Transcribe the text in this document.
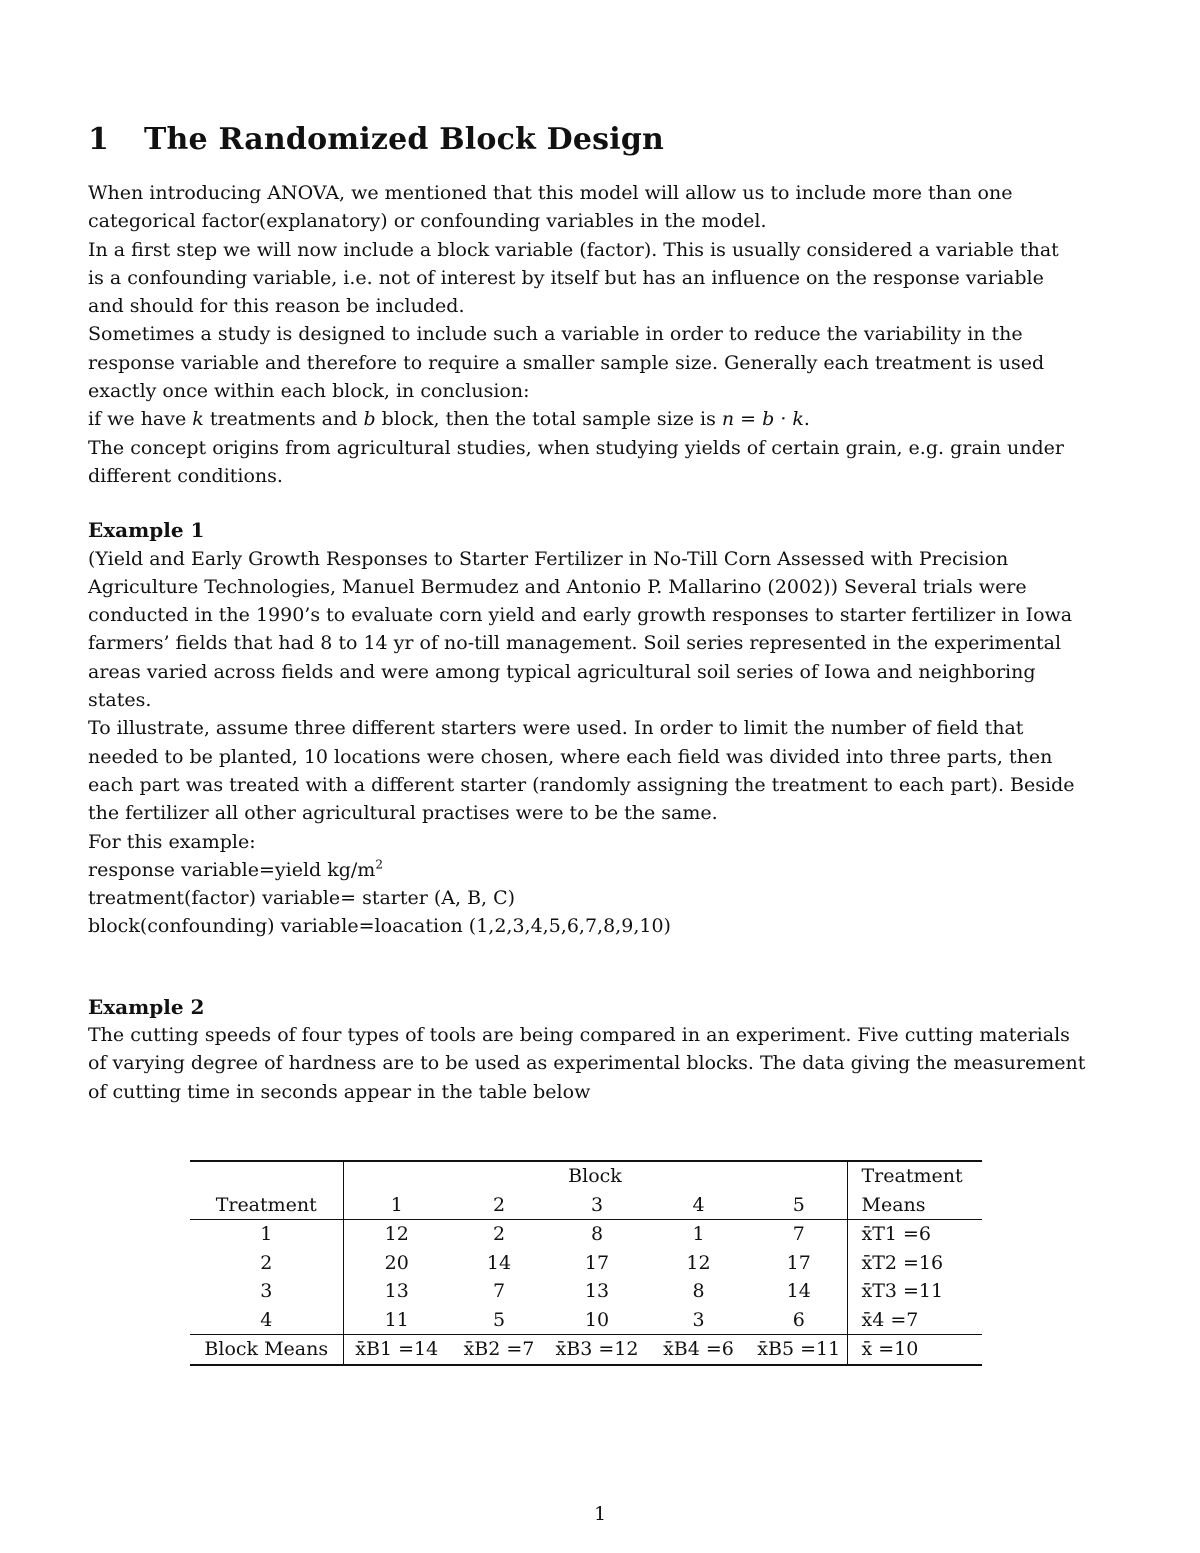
1 The Randomized Block Design

When introducing ANOVA, we mentioned that this model will allow us to include more than one
categorical factor(explanatory) or confounding variables in the model.
In a first step we will now include a block variable (factor). This is usually considered a variable that
is a confounding variable, i.e. not of interest by itself but has an influence on the response variable
and should for this reason be included.
Sometimes a study is designed to include such a variable in order to reduce the variability in the
response variable and therefore to require a smaller sample size. Generally each treatment is used
exactly once within each block, in conclusion:
if we have k treatments and b block, then the total sample size is n = b · k.
The concept origins from agricultural studies, when studying yields of certain grain, e.g. grain under
different conditions.

Example 1

(Yield and Early Growth Responses to Starter Fertilizer in No-Till Corn Assessed with Precision
Agriculture Technologies, Manuel Bermudez and Antonio P. Mallarino (2002)) Several trials were
conducted in the 1990’s to evaluate corn yield and early growth responses to starter fertilizer in Iowa
farmers’ fields that had 8 to 14 yr of no-till management. Soil series represented in the experimental
areas varied across fields and were among typical agricultural soil series of Iowa and neighboring
states.
To illustrate, assume three different starters were used. In order to limit the number of field that
needed to be planted, 10 locations were chosen, where each field was divided into three parts, then
each part was treated with a different starter (randomly assigning the treatment to each part). Beside
the fertilizer all other agricultural practises were to be the same.
For this example:
response variable=yield $kg/m^2$
treatment(factor) variable= starter (A, B, C)
block(confounding) variable=loacation (1,2,3,4,5,6,7,8,9,10)

Example 2

The cutting speeds of four types of tools are being compared in an experiment. Five cutting materials
of varying degree of hardness are to be used as experimental blocks. The data giving the measurement
of cutting time in seconds appear in the table below

	Block					Treatment
Treatment	1	2	3	4	5	Means
1	12	2	8	1	7	x̄T1 =6
2	20	14	17	12	17	x̄T2 =16
3	13	7	13	8	14	x̄T3 =11
4	11	5	10	3	6	x̄4 =7
Block Means	x̄B1 =14	x̄B2 =7	x̄B3 =12	x̄B4 =6	x̄B5 =11	x̄ =10
1
